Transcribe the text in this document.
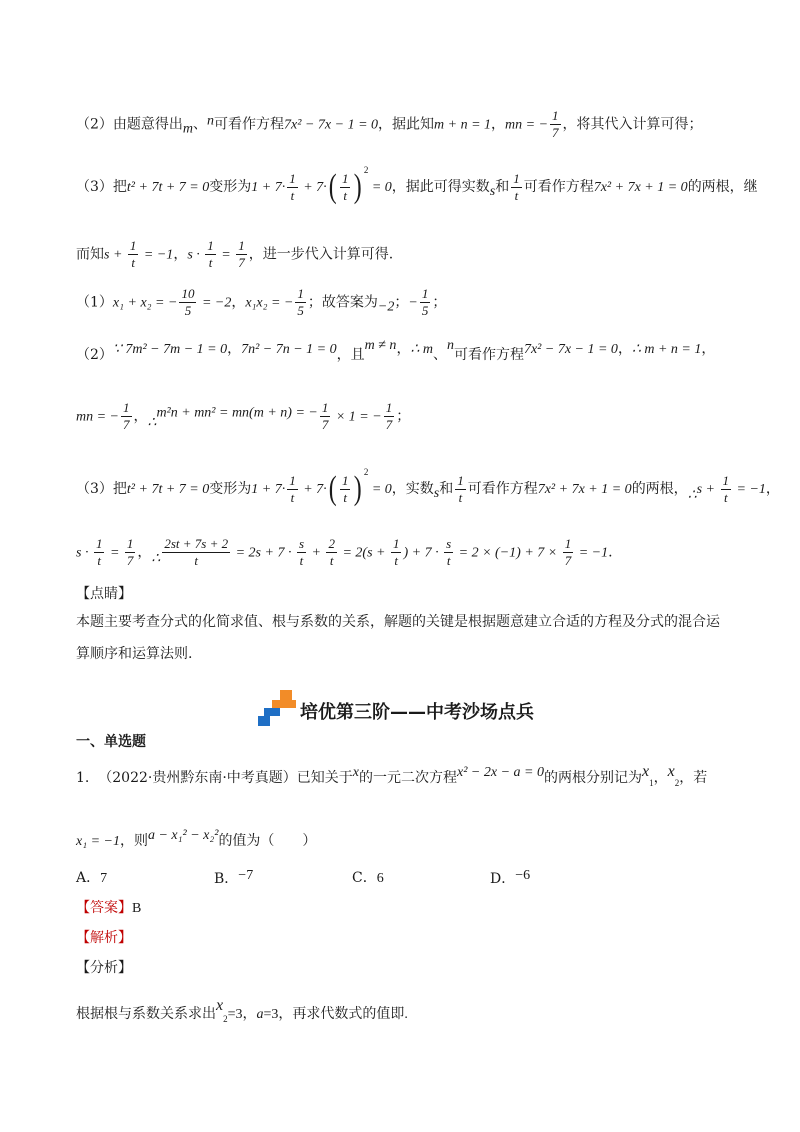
（2）由题意得出m、n可看作方程7x² − 7x − 1 = 0，据此知m + n = 1，mn = − $\frac{1}{7}$ ，将其代入计算可得；
（3）把t² + 7t + 7 = 0变形为$1 + 7\cdot \frac{1}{t} + 7\cdot( \frac{1}{t}$ ) $^2$ = 0，据此可得实数s和 $\frac{1}{t}$ 可看作方程7x² + 7x + 1 = 0的两根，继
而知$s + \frac{1}{t} = -1$，$s \cdot \frac{1}{t} = \frac{1}{7}$ ，进一步代入计算可得.
（1）x₁ + x₂ = − $\frac{10}{5} = -2$，x₁x₂ = − $\frac{1}{5}$ ；故答案为−2；− $\frac{1}{5}$ ；
（2）∵ 7m² − 7m − 1 = 0，7n² − 7n − 1 = 0，且m ≠ n，∴ m、n可看作方程7x² − 7x − 1 = 0，∴ m + n = 1，
mn = − $\frac{1}{7}$ ，∴m²n + mn² = mn(m + n) = − $\frac{1}{7} \times 1$ = − $\frac{1}{7}$ ；
（3）把t² + 7t + 7 = 0变形为$1 + 7\cdot \frac{1}{t} + 7\cdot( \frac{1}{t}$ ) $^2$ = 0，实数s和 $\frac{1}{t}$ 可看作方程7x² + 7x + 1 = 0的两根，∴s + $\frac{1}{t} = -1$，
$s \cdot \frac{1}{t} = \frac{1}{7}$ ，∴ $\frac{2st + 7s + 2}{t} = 2s + 7 \cdot \frac{s}{t} + \frac{2}{t} = 2(s + \frac{1}{t}$ ) + $7 \cdot \frac{s}{t} = 2 \times (-1) + 7 \times \frac{1}{7} = -1$.
【点睛】
本题主要考查分式的化简求值、根与系数的关系，解题的关键是根据题意建立合适的方程及分式的混合运
算顺序和运算法则.
培优第三阶——中考沙场点兵
一、单选题
1. （2022·贵州黔东南·中考真题）已知关于x的一元二次方程x² − 2x − a = 0的两根分别记为$x_1$，$x_2$，若
x₁ = −1，则a − x₁² − x₂²的值为（　　）
A．7	B．−7	C．6	D．−6
【答案】B
【解析】
【分析】
根据根与系数关系求出$x_2=3$，a=3，再求代数式的值即.
